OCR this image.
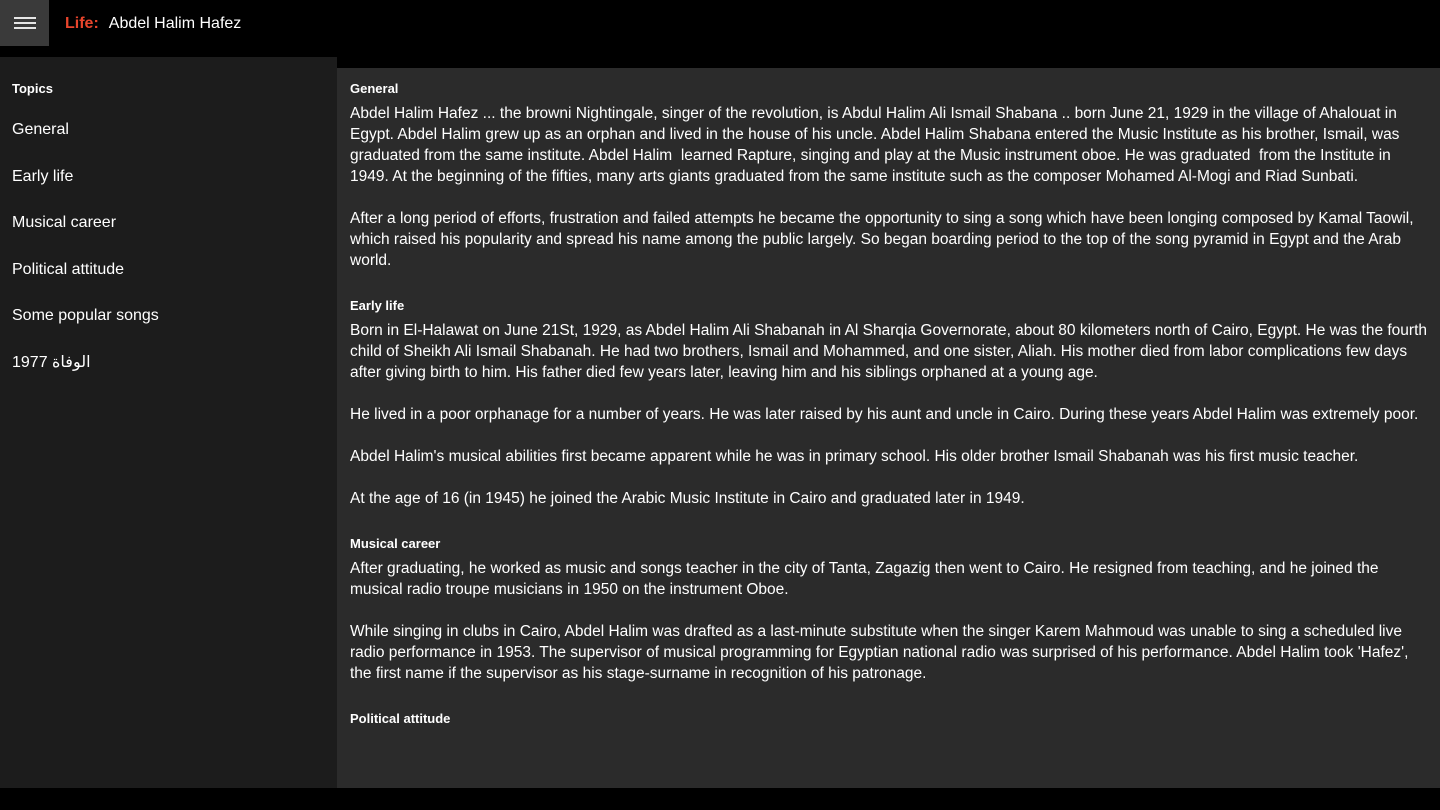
Life: Abdel Halim Hafez
Topics
General
Early life
Musical career
Political attitude
Some popular songs
1977 الوفاة
General

Abdel Halim Hafez ... the browni Nightingale, singer of the revolution, is Abdul Halim Ali Ismail Shabana .. born June 21, 1929 in the village of Ahalouat in Egypt. Abdel Halim grew up as an orphan and lived in the house of his uncle. Abdel Halim Shabana entered the Music Institute as his brother, Ismail, was graduated from the same institute. Abdel Halim  learned Rapture, singing and play at the Music instrument oboe. He was graduated  from the Institute in 1949. At the beginning of the fifties, many arts giants graduated from the same institute such as the composer Mohamed Al-Mogi and Riad Sunbati.

After a long period of efforts, frustration and failed attempts he became the opportunity to sing a song which have been longing composed by Kamal Taowil, which raised his popularity and spread his name among the public largely. So began boarding period to the top of the song pyramid in Egypt and the Arab world.

Early life

Born in El-Halawat on June 21St, 1929, as Abdel Halim Ali Shabanah in Al Sharqia Governorate, about 80 kilometers north of Cairo, Egypt. He was the fourth child of Sheikh Ali Ismail Shabanah. He had two brothers, Ismail and Mohammed, and one sister, Aliah. His mother died from labor complications few days after giving birth to him. His father died few years later, leaving him and his siblings orphaned at a young age.

He lived in a poor orphanage for a number of years. He was later raised by his aunt and uncle in Cairo. During these years Abdel Halim was extremely poor.

Abdel Halim's musical abilities first became apparent while he was in primary school. His older brother Ismail Shabanah was his first music teacher.

At the age of 16 (in 1945) he joined the Arabic Music Institute in Cairo and graduated later in 1949.

Musical career

After graduating, he worked as music and songs teacher in the city of Tanta, Zagazig then went to Cairo. He resigned from teaching, and he joined the musical radio troupe musicians in 1950 on the instrument Oboe.

While singing in clubs in Cairo, Abdel Halim was drafted as a last-minute substitute when the singer Karem Mahmoud was unable to sing a scheduled live radio performance in 1953. The supervisor of musical programming for Egyptian national radio was surprised of his performance. Abdel Halim took 'Hafez', the first name if the supervisor as his stage-surname in recognition of his patronage.

Political attitude
